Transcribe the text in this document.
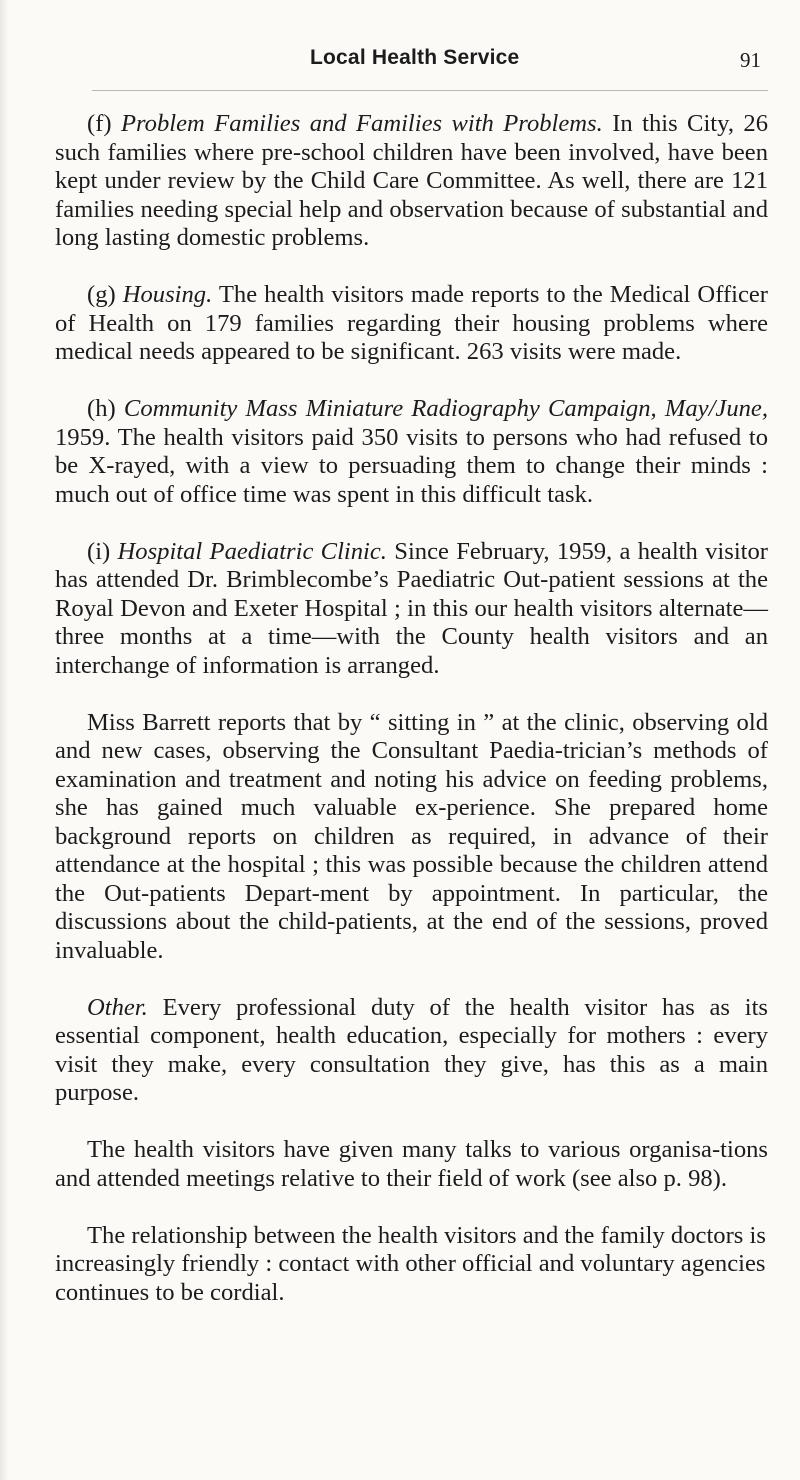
Local Health Service	91

(f) Problem Families and Families with Problems. In this City, 26 such families where pre-school children have been involved, have been kept under review by the Child Care Committee. As well, there are 121 families needing special help and observation because of substantial and long lasting domestic problems.

(g) Housing. The health visitors made reports to the Medical Officer of Health on 179 families regarding their housing problems where medical needs appeared to be significant. 263 visits were made.

(h) Community Mass Miniature Radiography Campaign, May/June, 1959. The health visitors paid 350 visits to persons who had refused to be X-rayed, with a view to persuading them to change their minds : much out of office time was spent in this difficult task.

(i) Hospital Paediatric Clinic. Since February, 1959, a health visitor has attended Dr. Brimblecombe’s Paediatric Out-patient sessions at the Royal Devon and Exeter Hospital ; in this our health visitors alternate—three months at a time—with the County health visitors and an interchange of information is arranged.

Miss Barrett reports that by “ sitting in ” at the clinic, observing old and new cases, observing the Consultant Paedia-trician’s methods of examination and treatment and noting his advice on feeding problems, she has gained much valuable ex-perience. She prepared home background reports on children as required, in advance of their attendance at the hospital ; this was possible because the children attend the Out-patients Depart-ment by appointment. In particular, the discussions about the child-patients, at the end of the sessions, proved invaluable.

Other. Every professional duty of the health visitor has as its essential component, health education, especially for mothers : every visit they make, every consultation they give, has this as a main purpose.

The health visitors have given many talks to various organisa-tions and attended meetings relative to their field of work (see also p. 98).

The relationship between the health visitors and the family doctors is increasingly friendly : contact with other official and voluntary agencies continues to be cordial.
